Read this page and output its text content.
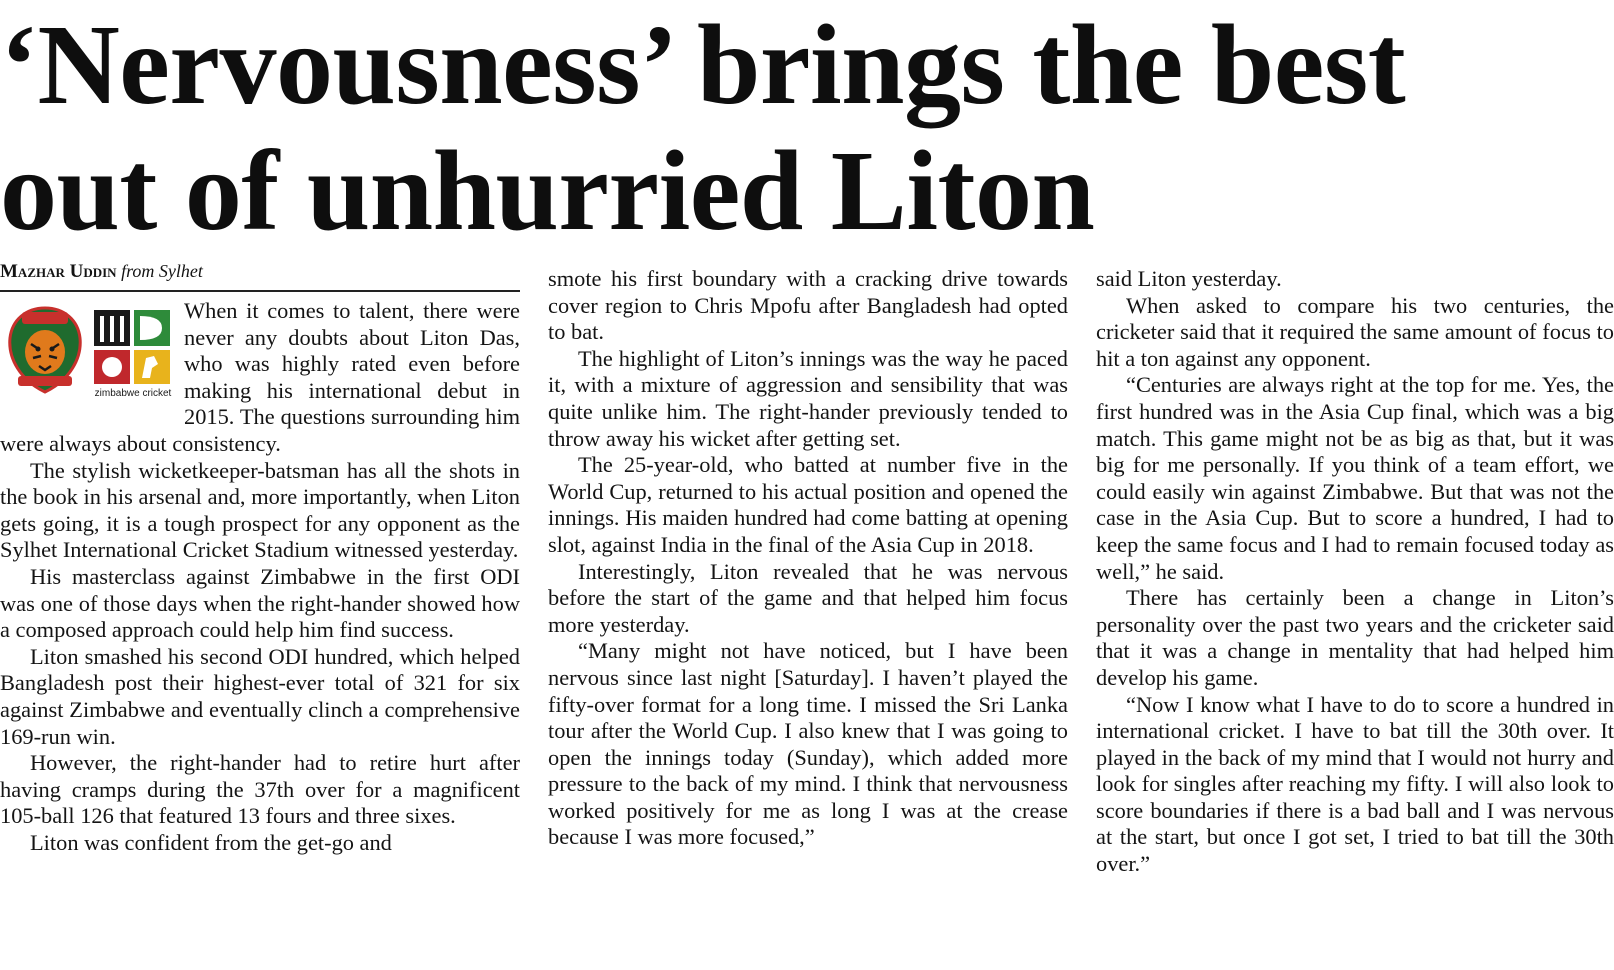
‘Nervousness’ brings the best
out of unhurried Liton
Mazhar Uddin from Sylhet
zimbabwe cricket

When it comes to talent, there were never any doubts about Liton Das, who was highly rated even before making his international debut in 2015. The questions surrounding him were always about consistency.

The stylish wicketkeeper-batsman has all the shots in the book in his arsenal and, more importantly, when Liton gets going, it is a tough prospect for any opponent as the Sylhet International Cricket Stadium witnessed yesterday.

His masterclass against Zimbabwe in the first ODI was one of those days when the right-hander showed how a composed approach could help him find success.

Liton smashed his second ODI hundred, which helped Bangladesh post their highest-ever total of 321 for six against Zimbabwe and eventually clinch a comprehensive 169-run win.

However, the right-hander had to retire hurt after having cramps during the 37th over for a magnificent 105-ball 126 that featured 13 fours and three sixes.

Liton was confident from the get-go and

smote his first boundary with a cracking drive towards cover region to Chris Mpofu after Bangladesh had opted to bat.

The highlight of Liton’s innings was the way he paced it, with a mixture of aggression and sensibility that was quite unlike him. The right-hander previously tended to throw away his wicket after getting set.

The 25-year-old, who batted at number five in the World Cup, returned to his actual position and opened the innings. His maiden hundred had come batting at opening slot, against India in the final of the Asia Cup in 2018.

Interestingly, Liton revealed that he was nervous before the start of the game and that helped him focus more yesterday.

“Many might not have noticed, but I have been nervous since last night [Saturday]. I haven’t played the fifty-over format for a long time. I missed the Sri Lanka tour after the World Cup. I also knew that I was going to open the innings today (Sunday), which added more pressure to the back of my mind. I think that nervousness worked positively for me as long I was at the crease because I was more focused,”

said Liton yesterday.

When asked to compare his two centuries, the cricketer said that it required the same amount of focus to hit a ton against any opponent.

“Centuries are always right at the top for me. Yes, the first hundred was in the Asia Cup final, which was a big match. This game might not be as big as that, but it was big for me personally. If you think of a team effort, we could easily win against Zimbabwe. But that was not the case in the Asia Cup. But to score a hundred, I had to keep the same focus and I had to remain focused today as well,” he said.

There has certainly been a change in Liton’s personality over the past two years and the cricketer said that it was a change in mentality that had helped him develop his game.

“Now I know what I have to do to score a hundred in international cricket. I have to bat till the 30th over. It played in the back of my mind that I would not hurry and look for singles after reaching my fifty. I will also look to score boundaries if there is a bad ball and I was nervous at the start, but once I got set, I tried to bat till the 30th over.”
